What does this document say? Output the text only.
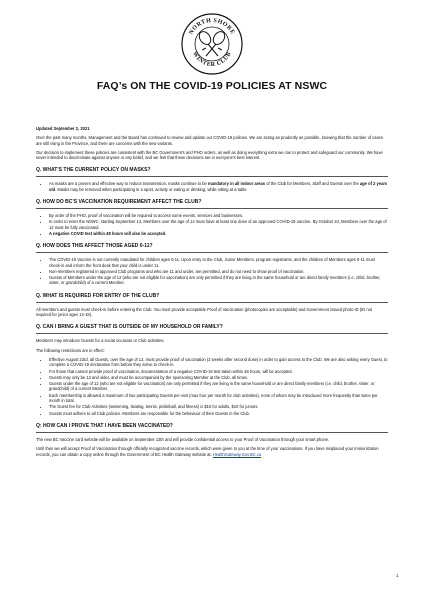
NORTH SHORE
WINTER CLUB
FAQ’s ON THE COVID-19 POLICIES AT NSWC

Updated September 2, 2021

Over the past many months, Management and the Board has continued to review and update our COVID-19 policies. We are acting as prudently as possible, knowing that the number of cases are still rising in the Province, and there are concerns with the new variants.

Our decision to implement these policies are consistent with the BC Government’s and PHO orders, as well as doing everything extra we can to protect and safeguard our community. We have never intended to discriminate against anyone or any belief, and we feel that these decisions are in everyone’s best interest.

Q. WHAT’S THE CURRENT POLICY ON MASKS?
• As masks are a proven and effective way to reduce transmission, masks continue to be mandatory in all indoor areas of the Club for Members, Staff and Guests over the age of 2 years old. Masks may be removed when participating in a sport, activity or eating or drinking, while sitting at a table.
Q. HOW DO BC’S VACCINATION REQUIREMENT AFFECT THE CLUB?
• By order of the PHO, proof of vaccination will be required to access some events, services and businesses.
• In order to enter the NSWC, starting September 13, Members over the age of 12 must have at least one dose of an approved COVID-19 vaccine. By October 24, Members over the age of 12 must be fully vaccinated.
• A negative COVID test within 48 hours will also be accepted.
Q. HOW DOES THIS AFFECT THOSE AGED 0-11?
• The COVID-19 Vaccine is not currently mandated for children ages 0-11. Upon entry to the Club, Junior Members, program registrants, and the children of Members ages 0-11 must check-in and inform the front desk that your child is under 11.
• Non-members registered in approved Club programs and who are 11 and under, are permitted, and do not need to show proof of vaccination.
• Guests of Members under the age of 12 (who are not eligible for vaccination) are only permitted if they are living in the same household or are direct family members (i.e. child, brother, sister, or grandchild) of a current Member.
Q. WHAT IS REQUIRED FOR ENTRY OF THE CLUB?

All members and guests must check-in before entering the Club. You must provide acceptable Proof of Vaccination (photocopies are acceptable) and Government issued photo ID (ID not required for junior ages 12-18).

Q. CAN I BRING A GUEST THAT IS OUTSIDE OF MY HOUSEHOLD OR FAMILY?

Members may introduce Guests for a social occasion or Club activities.

The following restrictions are in effect:

• Effective August 23rd, all Guests, over the age of 12, must provide proof of vaccination (2 weeks after second dose) in order to gain access to the Club. We are also asking every Guest, to complete a COVID-19 declaration form before they arrive to check-in.
• For those that cannot provide proof of vaccination, documentation of a negative COVID-19 test taken within 48 hours, will be accepted.
• Guests may only be 12 and older, and must be accompanied by the sponsoring Member at the Club, all times.
• Guests under the age of 12 (who are not eligible for vaccination) are only permitted if they are living in the same household or are direct family members (i.e. child, brother, sister, or grandchild) of a current Member.
• Each membership is allowed a maximum of two participating Guests per visit (max four per month for club activities), none of whom may be introduced more frequently than twice per month in total.
• The Guest fee for Club Activities (swimming, skating, tennis, pickleball, and fitness) is $15 for adults, $10 for juniors.
• Guests must adhere to all Club policies. Members are responsible for the behaviour of their Guests in the Club.
Q: HOW CAN I PROVE THAT I HAVE BEEN VACCINATED?

The new BC Vaccine card website will be available on September 13th and will provide confidential access to your Proof of Vaccination through your smart phone.

Until then we will accept Proof of Vaccination through officially recognized vaccine records, which were given to you at the time of your vaccinations. If you have misplaced your immunization records, you can obtain a copy online through the Government of BC Health Gateway website at: HealthGateway.Gov.BC.ca

1
